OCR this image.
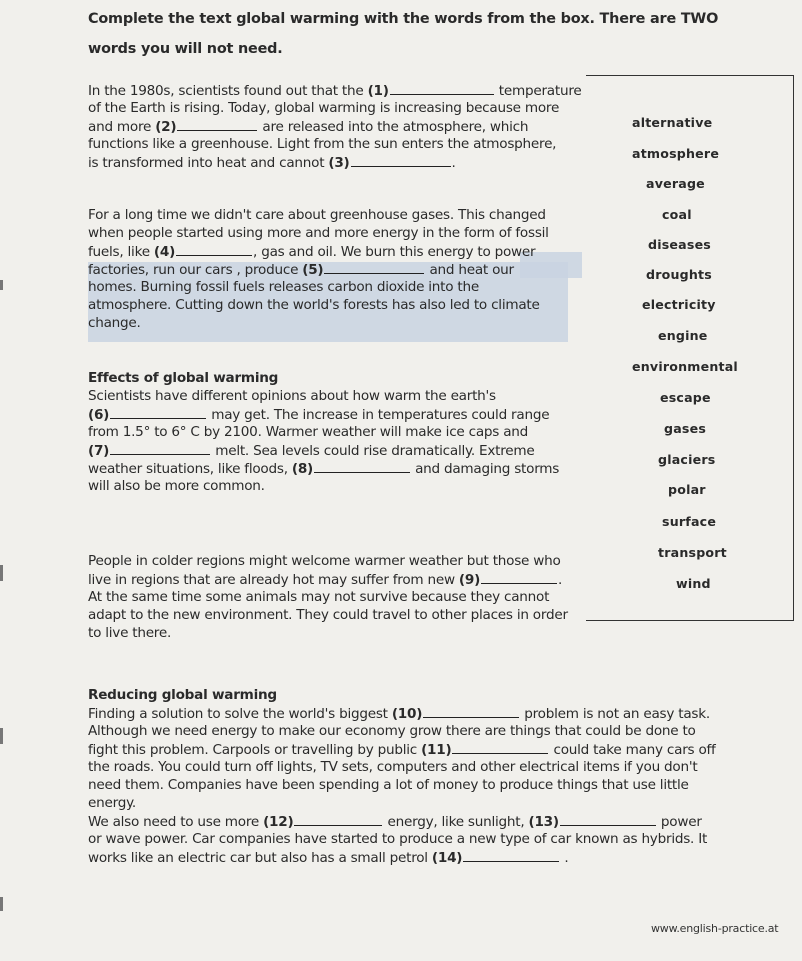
Complete the text global warming with the words from the box. There are TWO
words you will not need.
In the 1980s, scientists found out that the (1)	temperature
of the Earth is rising. Today, global warming is increasing because more
and more (2)	are released into the atmosphere, which
functions like a greenhouse. Light from the sun enters the atmosphere,
is transformed into heat and cannot (3)	.
For a long time we didn't care about greenhouse gases. This changed
when people started using more and more energy in the form of fossil
fuels, like (4)	, gas and oil. We burn this energy to power
factories, run our cars , produce (5)	and heat our
homes. Burning fossil fuels releases carbon dioxide into the
atmosphere. Cutting down the world's forests has also led to climate
change.
Effects of global warming
Scientists have different opinions about how warm the earth's
(6)	may get. The increase in temperatures could range
from 1.5° to 6° C by 2100. Warmer weather will make ice caps and
(7)	melt. Sea levels could rise dramatically. Extreme
weather situations, like floods, (8)	and damaging storms
will also be more common.
People in colder regions might welcome warmer weather but those who
live in regions that are already hot may suffer from new (9)	.
At the same time some animals may not survive because they cannot
adapt to the new environment. They could travel to other places in order
to live there.
Reducing global warming
Finding a solution to solve the world's biggest (10)	problem is not an easy task.
Although we need energy to make our economy grow there are things that could be done to
fight this problem. Carpools or travelling by public (11)	could take many cars off
the roads. You could turn off lights, TV sets, computers and other electrical items if you don't
need them. Companies have been spending a lot of money to produce things that use little
energy.
We also need to use more (12)	energy, like sunlight, (13)	power
or wave power. Car companies have started to produce a new type of car known as hybrids. It
works like an electric car but also has a small petrol (14)	.
alternative
atmosphere
average
coal
diseases
droughts
electricity
engine
environmental
escape
gases
glaciers
polar
surface
transport
wind
www.english-practice.at
